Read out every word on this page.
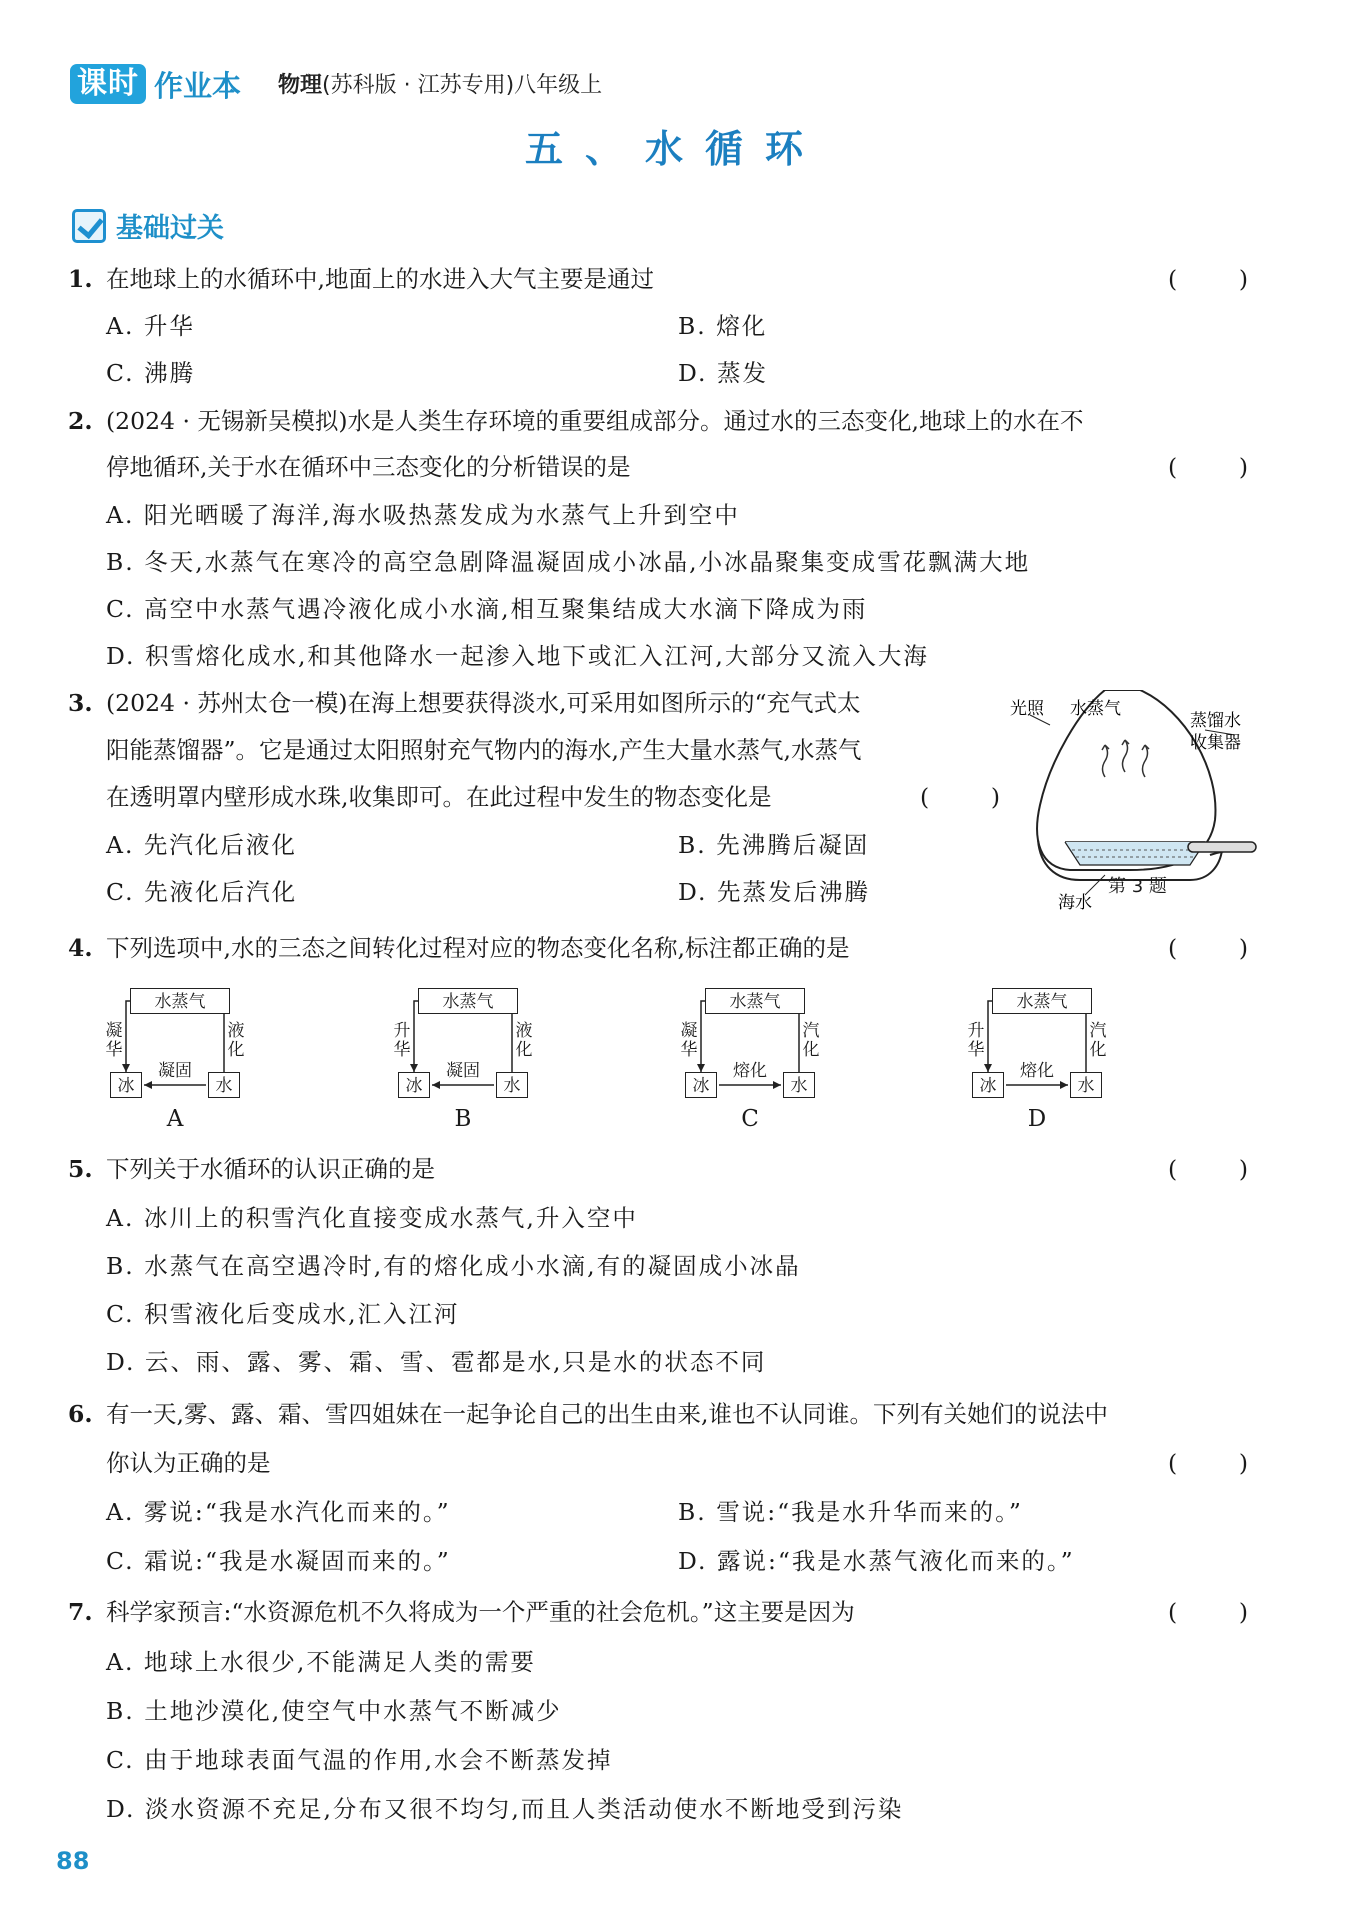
课时 作业本 物理(苏科版 · 江苏专用)八年级上
五、水循环
基础过关
1. 在地球上的水循环中,地面上的水进入大气主要是通过	(	)
A. 升华	B. 熔化
C. 沸腾	D. 蒸发
2. (2024 · 无锡新吴模拟)水是人类生存环境的重要组成部分。通过水的三态变化,地球上的水在不
停地循环,关于水在循环中三态变化的分析错误的是	(	)
A. 阳光晒暖了海洋,海水吸热蒸发成为水蒸气上升到空中
B. 冬天,水蒸气在寒冷的高空急剧降温凝固成小冰晶,小冰晶聚集变成雪花飘满大地
C. 高空中水蒸气遇冷液化成小水滴,相互聚集结成大水滴下降成为雨
D. 积雪熔化成水,和其他降水一起渗入地下或汇入江河,大部分又流入大海
3. (2024 · 苏州太仓一模)在海上想要获得淡水,可采用如图所示的“充气式太
阳能蒸馏器”。它是通过太阳照射充气物内的海水,产生大量水蒸气,水蒸气
在透明罩内壁形成水珠,收集即可。在此过程中发生的物态变化是	(	)
A. 先汽化后液化	B. 先沸腾后凝固
C. 先液化后汽化	D. 先蒸发后沸腾
光照 水蒸气
蒸馏水
收集器
海水
第 3 题
4. 下列选项中,水的三态之间转化过程对应的物态变化名称,标注都正确的是	(	)
水蒸气
冰	水
凝华
液化
凝固
A
水蒸气
冰	水
升华
液化
凝固
B
水蒸气
冰	水
凝华
汽化
熔化
C
水蒸气
冰	水
升华
汽化
熔化
D
5. 下列关于水循环的认识正确的是	(	)
A. 冰川上的积雪汽化直接变成水蒸气,升入空中
B. 水蒸气在高空遇冷时,有的熔化成小水滴,有的凝固成小冰晶
C. 积雪液化后变成水,汇入江河
D. 云、雨、露、雾、霜、雪、雹都是水,只是水的状态不同
6. 有一天,雾、露、霜、雪四姐妹在一起争论自己的出生由来,谁也不认同谁。下列有关她们的说法中
你认为正确的是	(	)
A. 雾说:“我是水汽化而来的。”	B. 雪说:“我是水升华而来的。”
C. 霜说:“我是水凝固而来的。”	D. 露说:“我是水蒸气液化而来的。”
7. 科学家预言:“水资源危机不久将成为一个严重的社会危机。”这主要是因为	(	)
A. 地球上水很少,不能满足人类的需要
B. 土地沙漠化,使空气中水蒸气不断减少
C. 由于地球表面气温的作用,水会不断蒸发掉
D. 淡水资源不充足,分布又很不均匀,而且人类活动使水不断地受到污染
88
